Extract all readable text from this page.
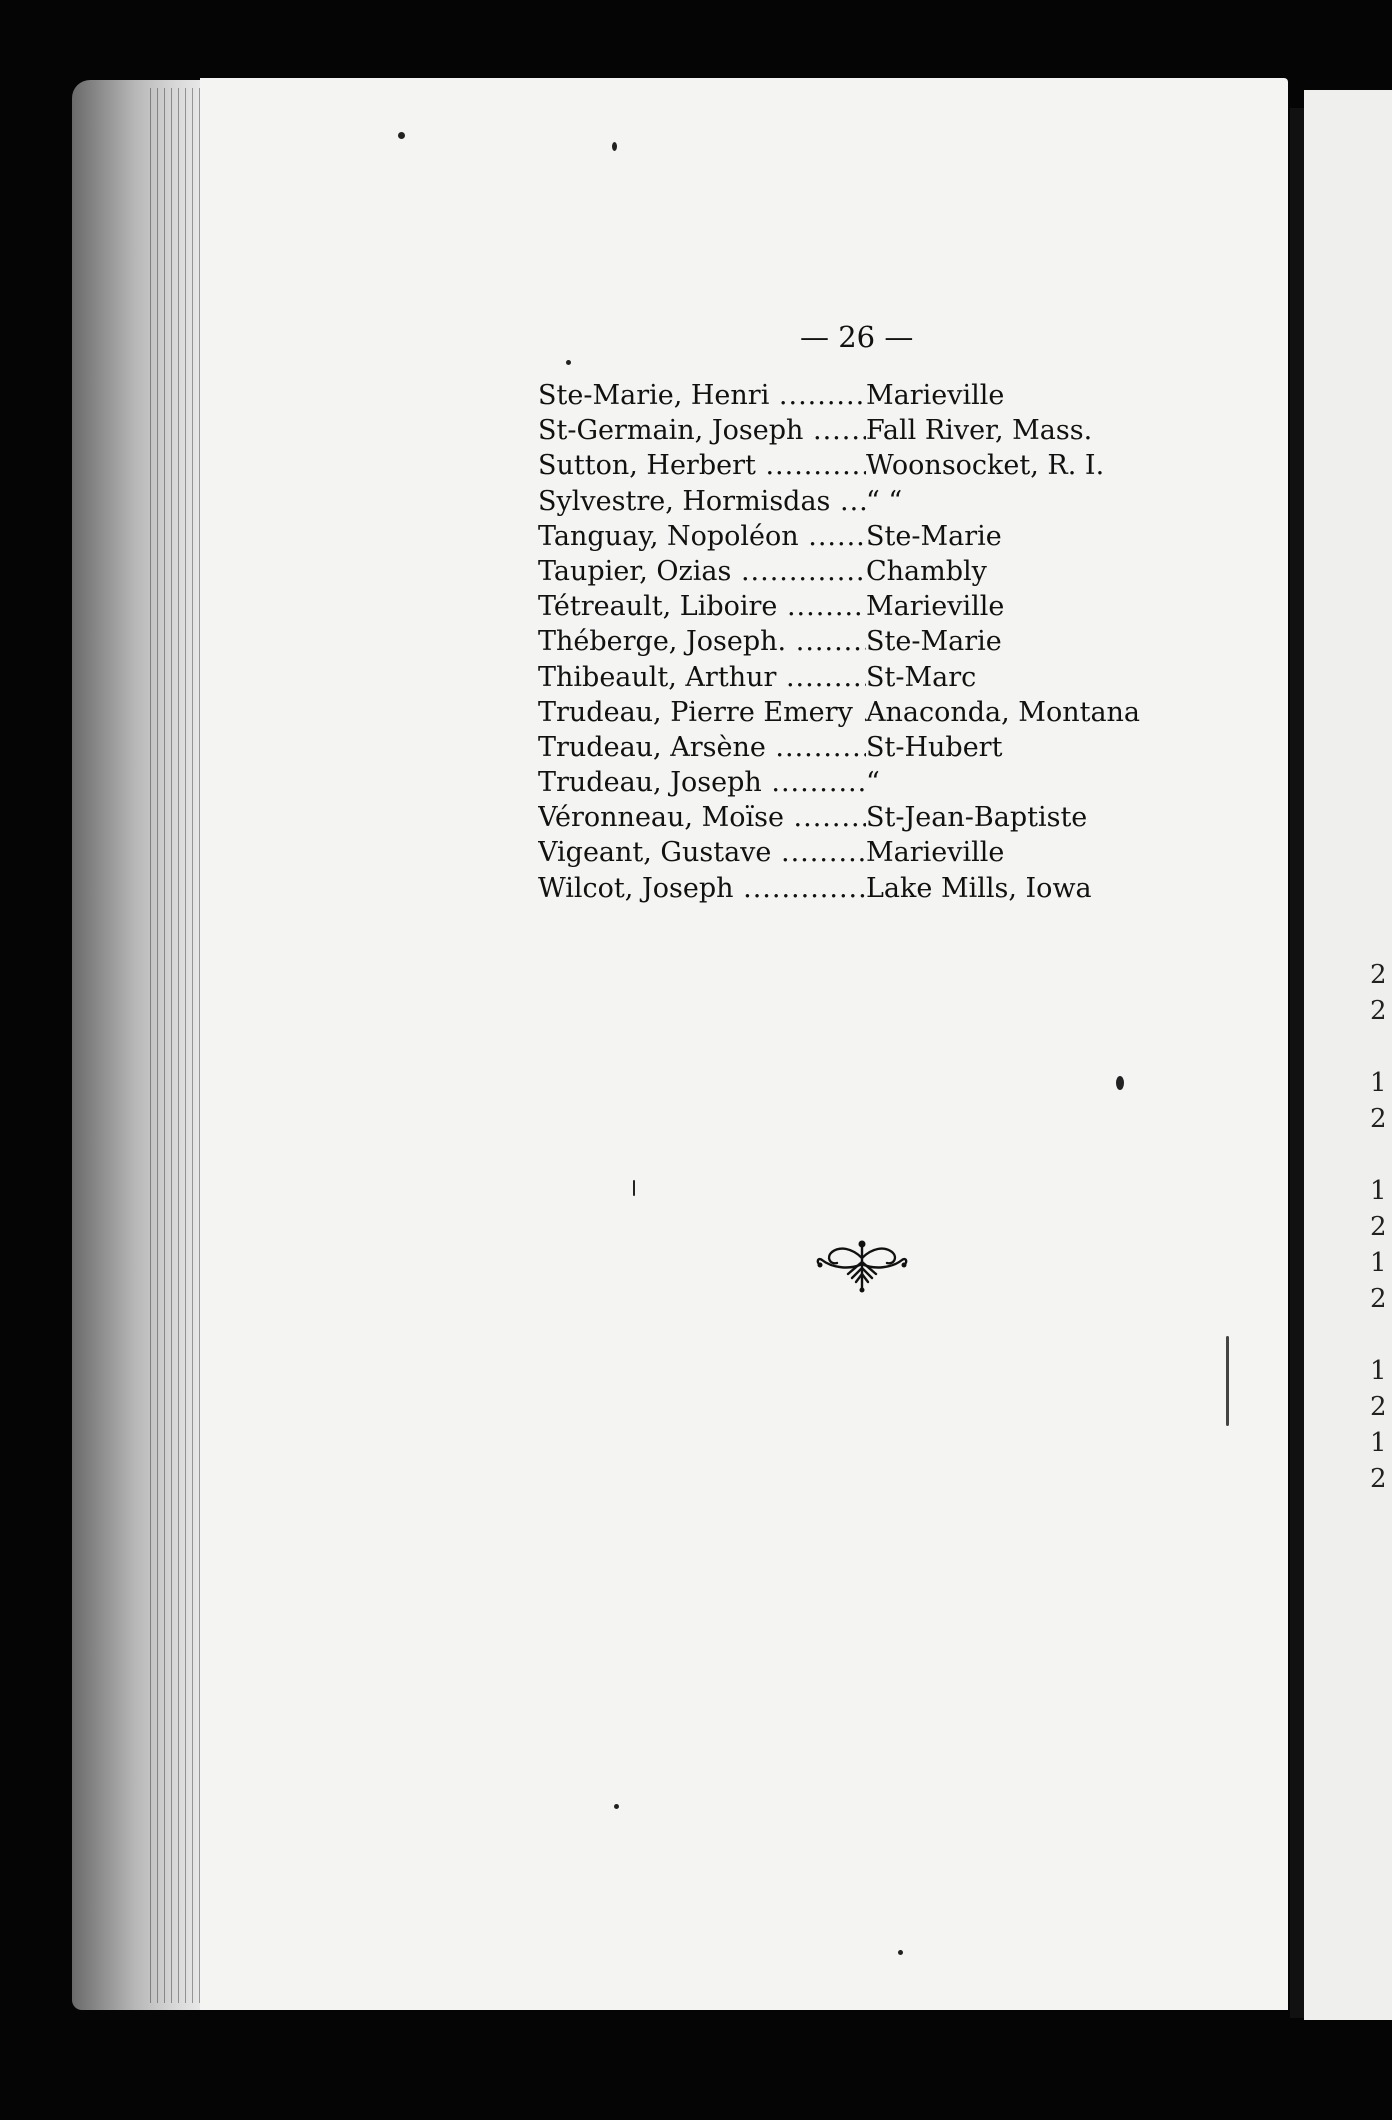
— 26 —
Ste-Marie, Henri .....	Marieville
St-Germain, Joseph .....	Fall River, Mass.
Sutton, Herbert .....	Woonsocket, R. I.
Sylvestre, Hormisdas .....	“ “
Tanguay, Nopoléon .....	Ste-Marie
Taupier, Ozias .....	Chambly
Tétreault, Liboire .....	Marieville
Théberge, Joseph. .....	Ste-Marie
Thibeault, Arthur .....	St-Marc
Trudeau, Pierre Emery ..... Anaconda, Montana
Trudeau, Arsène .....	St-Hubert
Trudeau, Joseph .....	“
Véronneau, Moïse .....	St-Jean-Baptiste
Vigeant, Gustave .....	Marieville
Wilcot, Joseph .....	Lake Mills, Iowa
2
2
1
2
1
2
1
2
1
2
1
2
